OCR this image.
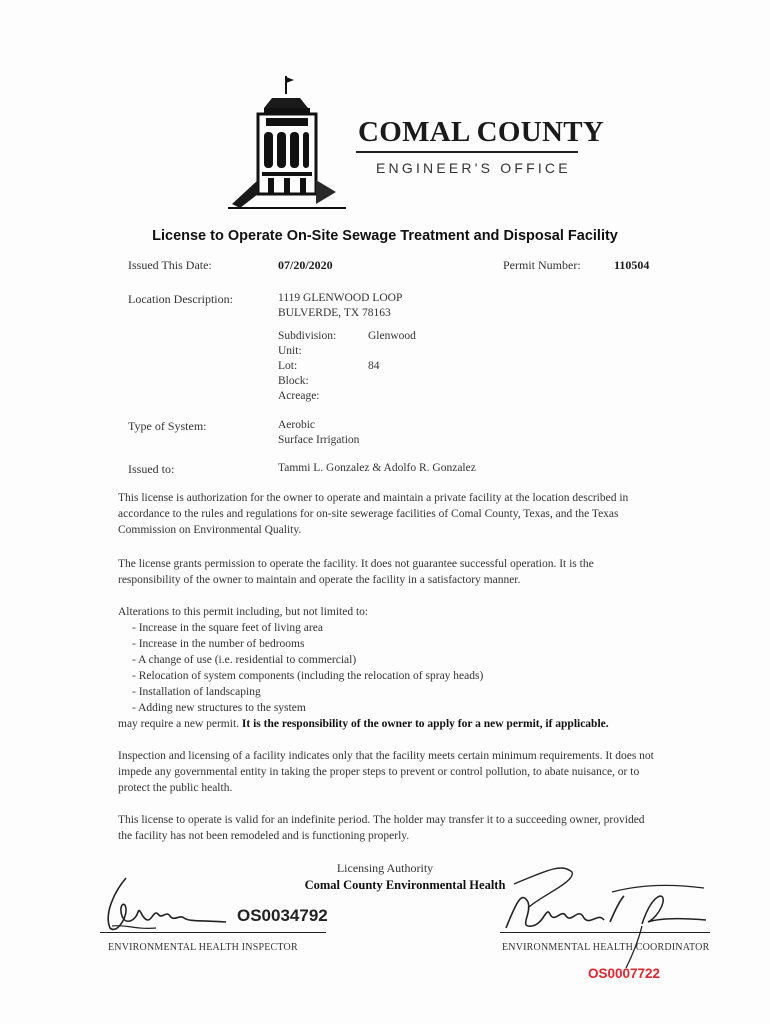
COMAL COUNTY
ENGINEER'S OFFICE
License to Operate On-Site Sewage Treatment and Disposal Facility
Issued This Date:	07/20/2020	Permit Number:	110504
Location Description:	1119 GLENWOOD LOOP
BULVERDE, TX 78163
Subdivision:	Glenwood
Unit:
Lot:	84
Block:
Acreage:
Type of System:	Aerobic
Surface Irrigation
Issued to:	Tammi L. Gonzalez & Adolfo R. Gonzalez
This license is authorization for the owner to operate and maintain a private facility at the location described in accordance to the rules and regulations for on-site sewerage facilities of Comal County, Texas, and the Texas Commission on Environmental Quality.
The license grants permission to operate the facility. It does not guarantee successful operation. It is the responsibility of the owner to maintain and operate the facility in a satisfactory manner.
Alterations to this permit including, but not limited to:
- Increase in the square feet of living area
- Increase in the number of bedrooms
- A change of use (i.e. residential to commercial)
- Relocation of system components (including the relocation of spray heads)
- Installation of landscaping
- Adding new structures to the system
may require a new permit. It is the responsibility of the owner to apply for a new permit, if applicable.
Inspection and licensing of a facility indicates only that the facility meets certain minimum requirements. It does not impede any governmental entity in taking the proper steps to prevent or control pollution, to abate nuisance, or to protect the public health.
This license to operate is valid for an indefinite period. The holder may transfer it to a succeeding owner, provided the facility has not been remodeled and is functioning properly.
Licensing Authority
Comal County Environmental Health
OS0034792
ENVIRONMENTAL HEALTH INSPECTOR	ENVIRONMENTAL HEALTH COORDINATOR
OS0007722
